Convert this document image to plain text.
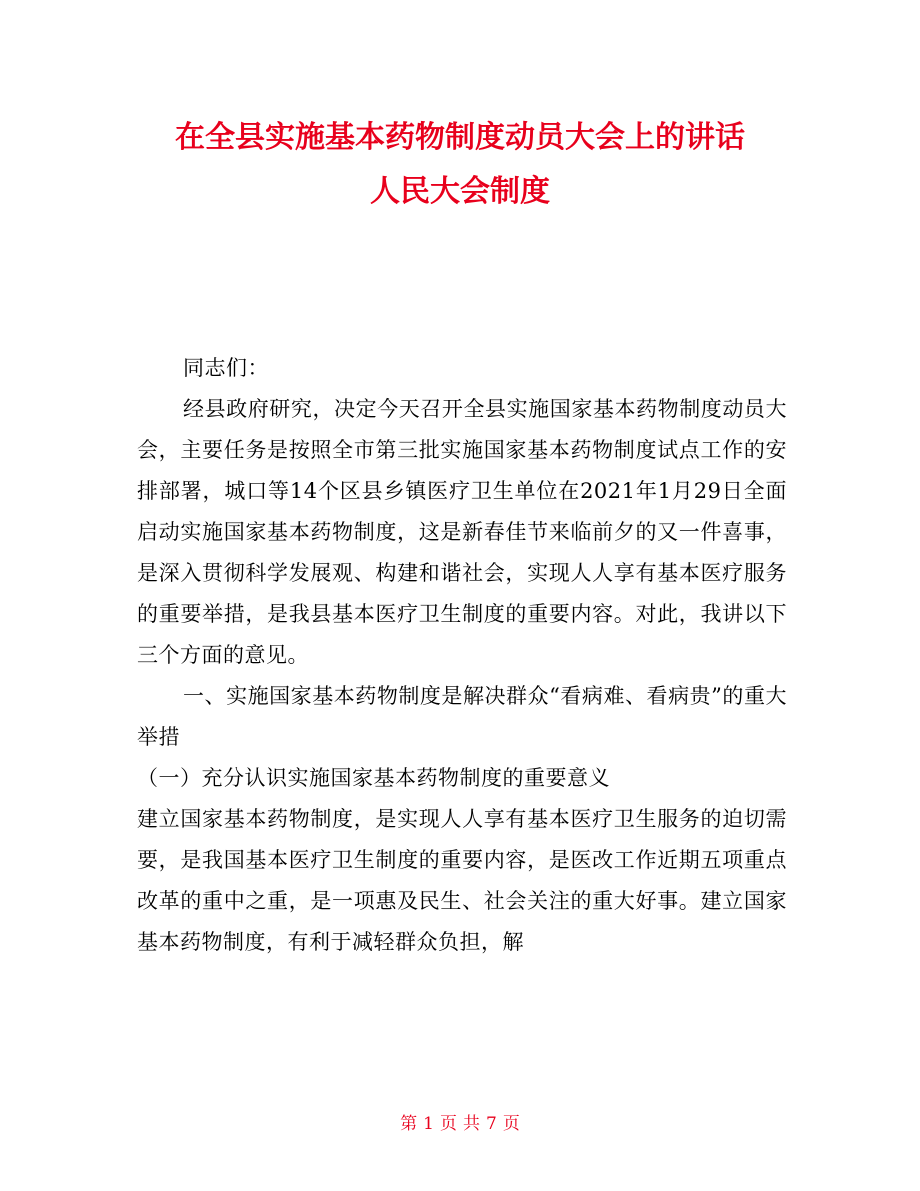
在全县实施基本药物制度动员大会上的讲话
人民大会制度

同志们：

经县政府研究，决定今天召开全县实施国家基本药物制度动员大会，主要任务是按照全市第三批实施国家基本药物制度试点工作的安排部署，城口等14个区县乡镇医疗卫生单位在2021年1月29日全面启动实施国家基本药物制度，这是新春佳节来临前夕的又一件喜事，是深入贯彻科学发展观、构建和谐社会，实现人人享有基本医疗服务的重要举措，是我县基本医疗卫生制度的重要内容。对此，我讲以下三个方面的意见。

一、实施国家基本药物制度是解决群众“看病难、看病贵”的重大举措

（一）充分认识实施国家基本药物制度的重要意义

建立国家基本药物制度，是实现人人享有基本医疗卫生服务的迫切需要，是我国基本医疗卫生制度的重要内容，是医改工作近期五项重点改革的重中之重，是一项惠及民生、社会关注的重大好事。建立国家基本药物制度，有利于减轻群众负担，解

第 1 页 共 7 页
